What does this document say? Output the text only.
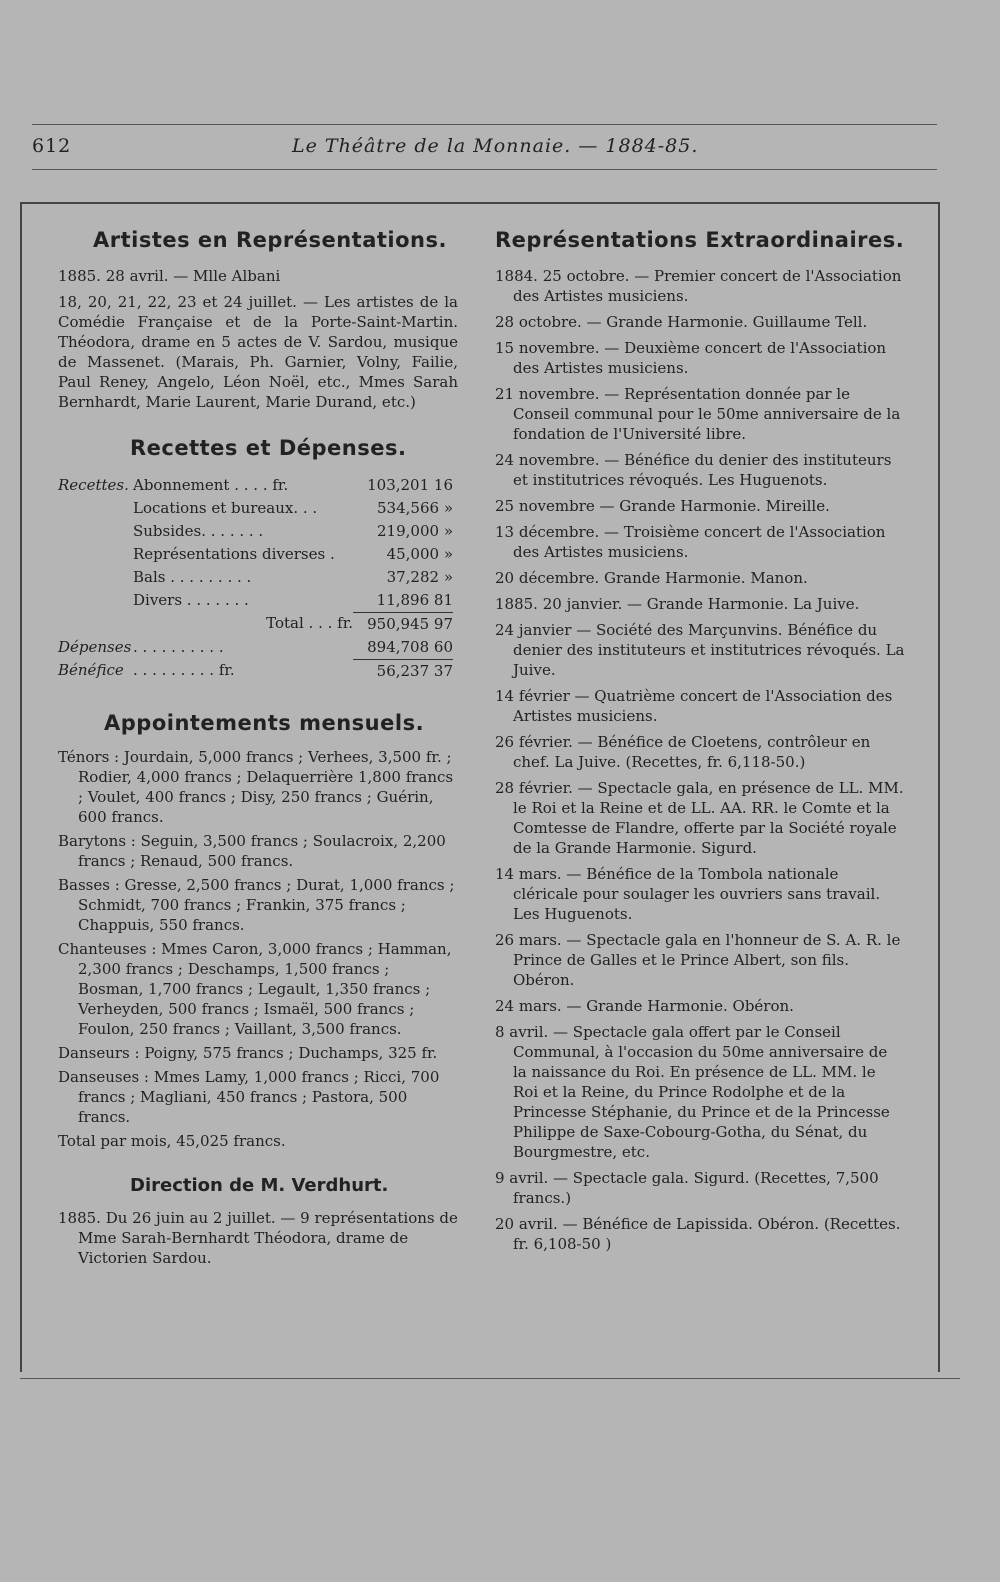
612	Le Théâtre de la Monnaie. — 1884-85.
Artistes en Représentations.

1885. 28 avril. — Mlle Albani

18, 20, 21, 22, 23 et 24 juillet. — Les artistes de la Comédie Française et de la Porte-Saint-Martin. Théodora, drame en 5 actes de V. Sardou, musique de Massenet. (Marais, Ph. Garnier, Volny, Failie, Paul Reney, Angelo, Léon Noël, etc., Mmes Sarah Bernhardt, Marie Laurent, Marie Durand, etc.)

Recettes et Dépenses.
Recettes. Abonnement . . . . fr.	103,201 16
Locations et bureaux. . .	534,566 »
Subsides. . . . . . .	219,000 »
Représentations diverses .	45,000 »
Bals . . . . . . . . .	37,282 »
Divers . . . . . . .	11,896 81
Total . . . fr. 950,945 97
Dépenses . . . . . . . . . .	894,708 60
Bénéfice . . . . . . . . . fr.	56,237 37
Appointements mensuels.

Ténors : Jourdain, 5,000 francs ; Verhees, 3,500 fr. ; Rodier, 4,000 francs ; Delaquerrière 1,800 francs ; Voulet, 400 francs ; Disy, 250 francs ; Guérin, 600 francs.

Barytons : Seguin, 3,500 francs ; Soulacroix, 2,200 francs ; Renaud, 500 francs.

Basses : Gresse, 2,500 francs ; Durat, 1,000 francs ; Schmidt, 700 francs ; Frankin, 375 francs ; Chappuis, 550 francs.

Chanteuses : Mmes Caron, 3,000 francs ; Hamman, 2,300 francs ; Deschamps, 1,500 francs ; Bosman, 1,700 francs ; Legault, 1,350 francs ; Verheyden, 500 francs ; Ismaël, 500 francs ; Foulon, 250 francs ; Vaillant, 3,500 francs.

Danseurs : Poigny, 575 francs ; Duchamps, 325 fr.

Danseuses : Mmes Lamy, 1,000 francs ; Ricci, 700 francs ; Magliani, 450 francs ; Pastora, 500 francs.

Total par mois, 45,025 francs.

Direction de M. Verdhurt.

1885. Du 26 juin au 2 juillet. — 9 représentations de Mme Sarah-Bernhardt Théodora, drame de Victorien Sardou.

Représentations Extraordinaires.

1884. 25 octobre. — Premier concert de l'Association des Artistes musiciens.

28 octobre. — Grande Harmonie. Guillaume Tell.

15 novembre. — Deuxième concert de l'Association des Artistes musiciens.

21 novembre. — Représentation donnée par le Conseil communal pour le 50me anniversaire de la fondation de l'Université libre.

24 novembre. — Bénéfice du denier des instituteurs et institutrices révoqués. Les Huguenots.

25 novembre — Grande Harmonie. Mireille.

13 décembre. — Troisième concert de l'Association des Artistes musiciens.

20 décembre. Grande Harmonie. Manon.

1885. 20 janvier. — Grande Harmonie. La Juive.

24 janvier — Société des Marçunvins. Bénéfice du denier des instituteurs et institutrices révoqués. La Juive.

14 février — Quatrième concert de l'Association des Artistes musiciens.

26 février. — Bénéfice de Cloetens, contrôleur en chef. La Juive. (Recettes, fr. 6,118-50.)

28 février. — Spectacle gala, en présence de LL. MM. le Roi et la Reine et de LL. AA. RR. le Comte et la Comtesse de Flandre, offerte par la Société royale de la Grande Harmonie. Sigurd.

14 mars. — Bénéfice de la Tombola nationale cléricale pour soulager les ouvriers sans travail. Les Huguenots.

26 mars. — Spectacle gala en l'honneur de S. A. R. le Prince de Galles et le Prince Albert, son fils. Obéron.

24 mars. — Grande Harmonie. Obéron.

8 avril. — Spectacle gala offert par le Conseil Communal, à l'occasion du 50me anniversaire de la naissance du Roi. En présence de LL. MM. le Roi et la Reine, du Prince Rodolphe et de la Princesse Stéphanie, du Prince et de la Princesse Philippe de Saxe-Cobourg-Gotha, du Sénat, du Bourgmestre, etc.

9 avril. — Spectacle gala. Sigurd. (Recettes, 7,500 francs.)

20 avril. — Bénéfice de Lapissida. Obéron. (Recettes. fr. 6,108-50 )
